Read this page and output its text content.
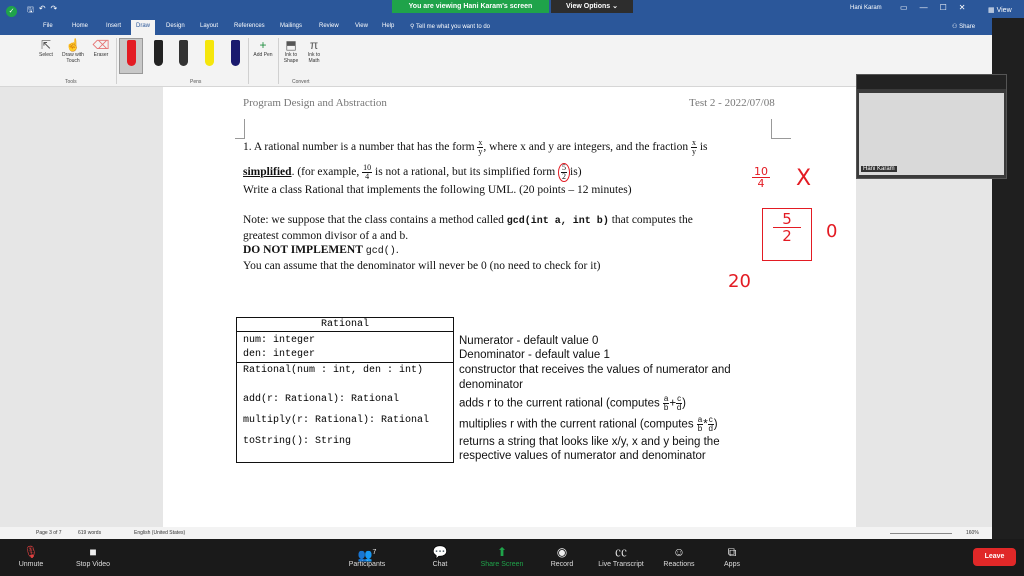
🖫 ↶ ↷	Hani Karam ▭ — ☐ ✕
✓
You are viewing Hani Karam's screen	View Options ⌄
▦ View
File	Home	Insert	Draw	Design	Layout	References	Mailings	Review	View Help	⚲ Tell me what you want to do	⚇ Share
⇱
Select
☝
Draw with Touch
⌫
Eraser
Tools	Pens
+
Add Pen
⬒
Ink to Shape
π
Ink to Math
Convert
Program Design and Abstraction	Test 2 - 2022/07/08
1. A rational number is a number that has the form $\frac{x}{y}$ , where x and y are integers, and the fraction $\frac{x}{y}$ is
simplified. (for example, $\frac{10}{4}$ is not a rational, but its simplified form $\frac{5}{2} is$)
Write a class Rational that implements the following UML. (20 points – 12 minutes)
Note: we suppose that the class contains a method called gcd(int a, int b) that computes the
greatest common divisor of a and b.
DO NOT IMPLEMENT gcd().
You can assume that the denominator will never be 0 (no need to check for it)
Rational
num: integer
den: integer
Rational(num : int, den : int)
add(r: Rational): Rational
multiply(r: Rational): Rational
toString(): String
Numerator - default value 0
Denominator - default value 1
constructor that receives the values of numerator and
denominator
adds r to the current rational (computes $\frac{a}{b} + \frac{c}{d}$ )
multiplies r with the current rational (computes $\frac{a}{b} * \frac{c}{d}$ )
returns a string that looks like x/y, x and y being the
respective values of numerator and denominator
$\frac{10}{4}$ X
$\frac{5}{2} 0$
20
Hani Karam
Page 3 of 7	619 words	English (United States)	160%
🎙
Unmute
■
Stop Video
👥$^7$
Participants
💬
Chat
⬆
Share Screen
◉
Record
㏄
Live Transcript
☺
Reactions
⧉
Apps
Leave
